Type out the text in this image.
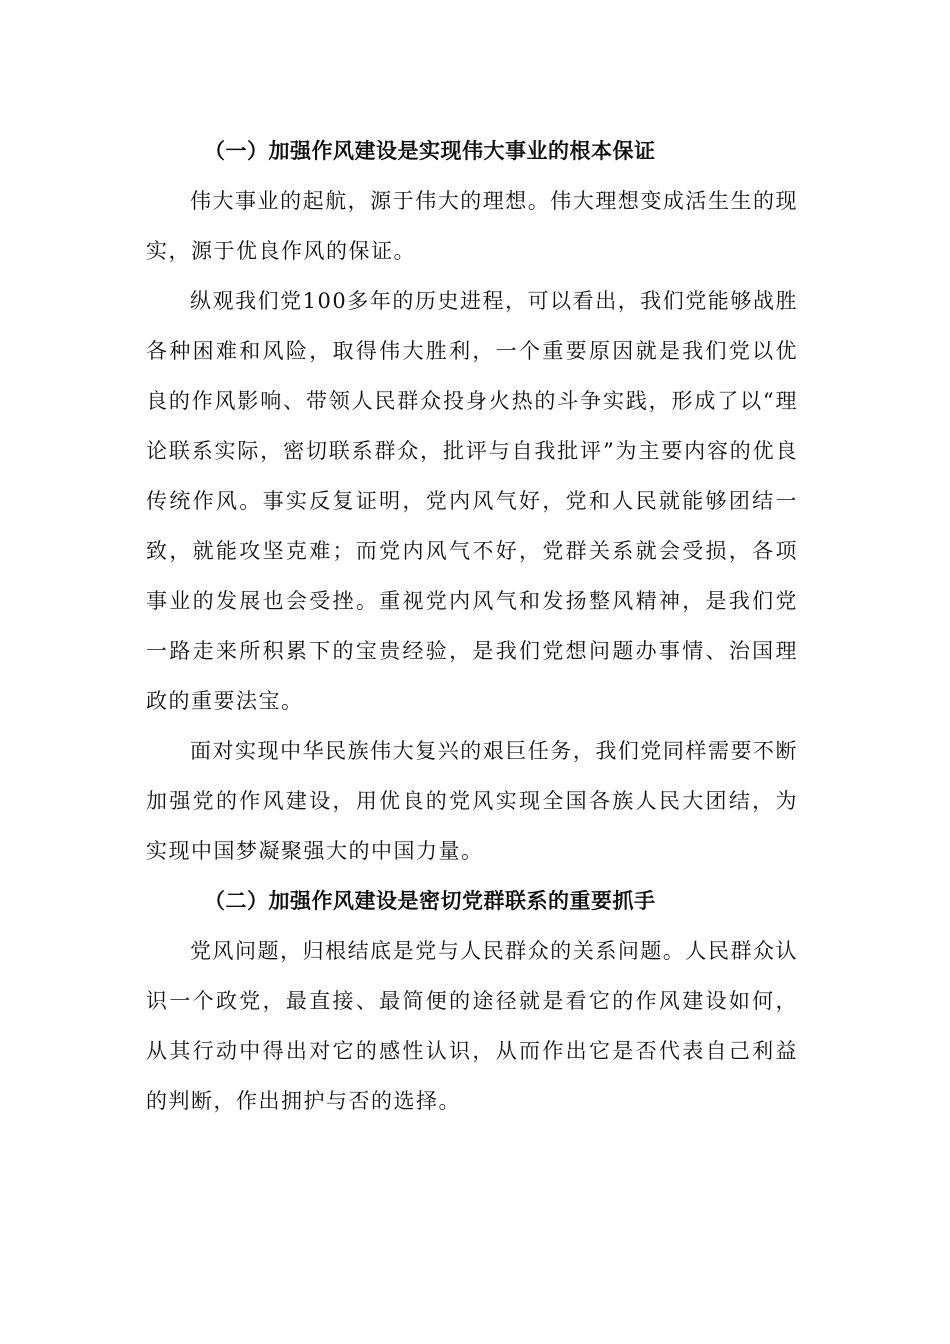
（一）加强作风建设是实现伟大事业的根本保证

伟大事业的起航，源于伟大的理想。伟大理想变成活生生的现实，源于优良作风的保证。

纵观我们党100多年的历史进程，可以看出，我们党能够战胜各种困难和风险，取得伟大胜利，一个重要原因就是我们党以优良的作风影响、带领人民群众投身火热的斗争实践，形成了以“理论联系实际，密切联系群众，批评与自我批评”为主要内容的优良传统作风。事实反复证明，党内风气好，党和人民就能够团结一致，就能攻坚克难；而党内风气不好，党群关系就会受损，各项事业的发展也会受挫。重视党内风气和发扬整风精神，是我们党一路走来所积累下的宝贵经验，是我们党想问题办事情、治国理政的重要法宝。

面对实现中华民族伟大复兴的艰巨任务，我们党同样需要不断加强党的作风建设，用优良的党风实现全国各族人民大团结，为实现中国梦凝聚强大的中国力量。

（二）加强作风建设是密切党群联系的重要抓手

党风问题，归根结底是党与人民群众的关系问题。人民群众认识一个政党，最直接、最简便的途径就是看它的作风建设如何，从其行动中得出对它的感性认识，从而作出它是否代表自己利益的判断，作出拥护与否的选择。
